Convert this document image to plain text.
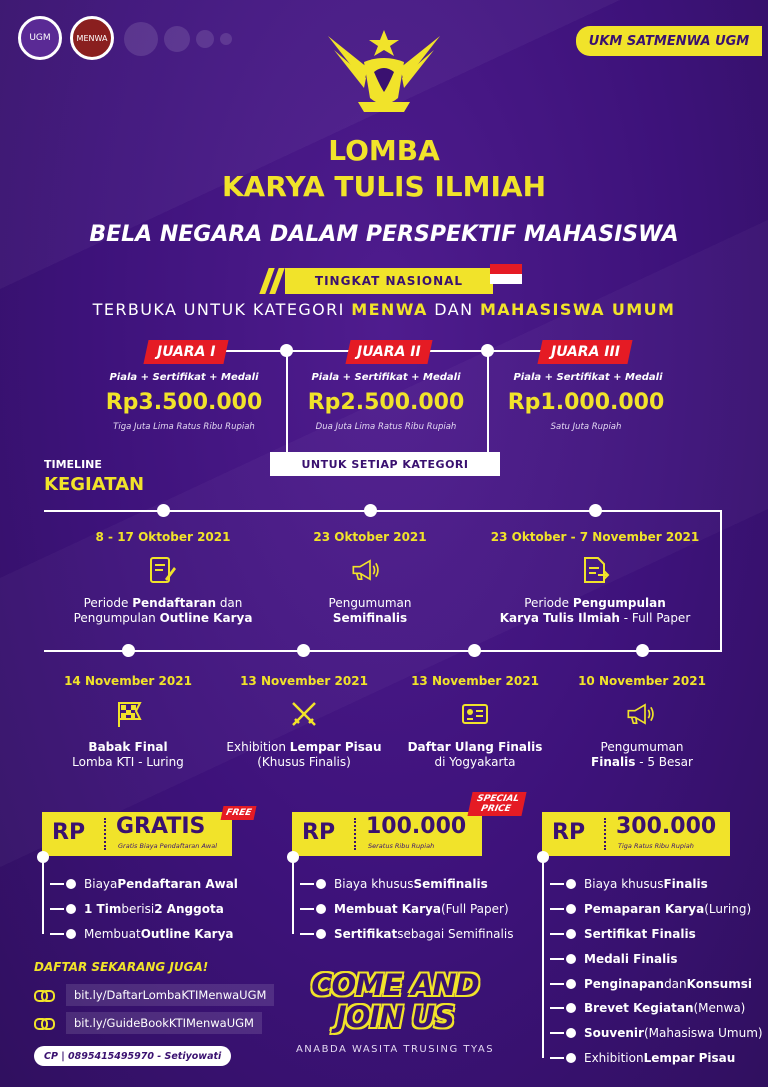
UGM	MENWA	UKM SATMENWA UGM
LOMBA
KARYA TULIS ILMIAH
BELA NEGARA DALAM PERSPEKTIF MAHASISWA
TINGKAT NASIONAL
TERBUKA UNTUK KATEGORI MENWA DAN MAHASISWA UMUM
JUARA I	JUARA II	JUARA III
Piala + Sertifikat + Medali	Piala + Sertifikat + Medali	Piala + Sertifikat + Medali
Rp3.500.000	Rp2.500.000	Rp1.000.000
Tiga Juta Lima Ratus Ribu Rupiah	Dua Juta Lima Ratus Ribu Rupiah	Satu Juta Rupiah
UNTUK SETIAP KATEGORI
TIMELINE
KEGIATAN
8 - 17 Oktober 2021
Periode Pendaftaran dan
Pengumpulan Outline Karya
23 Oktober 2021
Pengumuman
Semifinalis
23 Oktober - 7 November 2021
Periode Pengumpulan
Karya Tulis Ilmiah - Full Paper
14 November 2021
Babak Final
Lomba KTI - Luring
13 November 2021
Exhibition Lempar Pisau
(Khusus Finalis)
13 November 2021
Daftar Ulang Finalis
di Yogyakarta
10 November 2021
Pengumuman
Finalis - 5 Besar
RP GRATIS
Gratis Biaya Pendaftaran Awal
FREE
Biaya Pendaftaran Awal
1 Tim berisi 2 Anggota
Membuat Outline Karya
RP 100.000
Seratus Ribu Rupiah
SPECIAL PRICE
Biaya khusus Semifinalis
Membuat Karya (Full Paper)
Sertifikat sebagai Semifinalis
RP 300.000
Tiga Ratus Ribu Rupiah
Biaya khusus Finalis
Pemaparan Karya (Luring)
Sertifikat Finalis
Medali Finalis
Penginapan dan Konsumsi
Brevet Kegiatan (Menwa)
Souvenir (Mahasiswa Umum)
Exhibition Lempar Pisau
DAFTAR SEKARANG JUGA!
bit.ly/DaftarLombaKTIMenwaUGM
bit.ly/GuideBookKTIMenwaUGM
CP | 0895415495970 - Setiyowati
COME AND
JOIN US
ANABDA WASITA TRUSING TYAS
